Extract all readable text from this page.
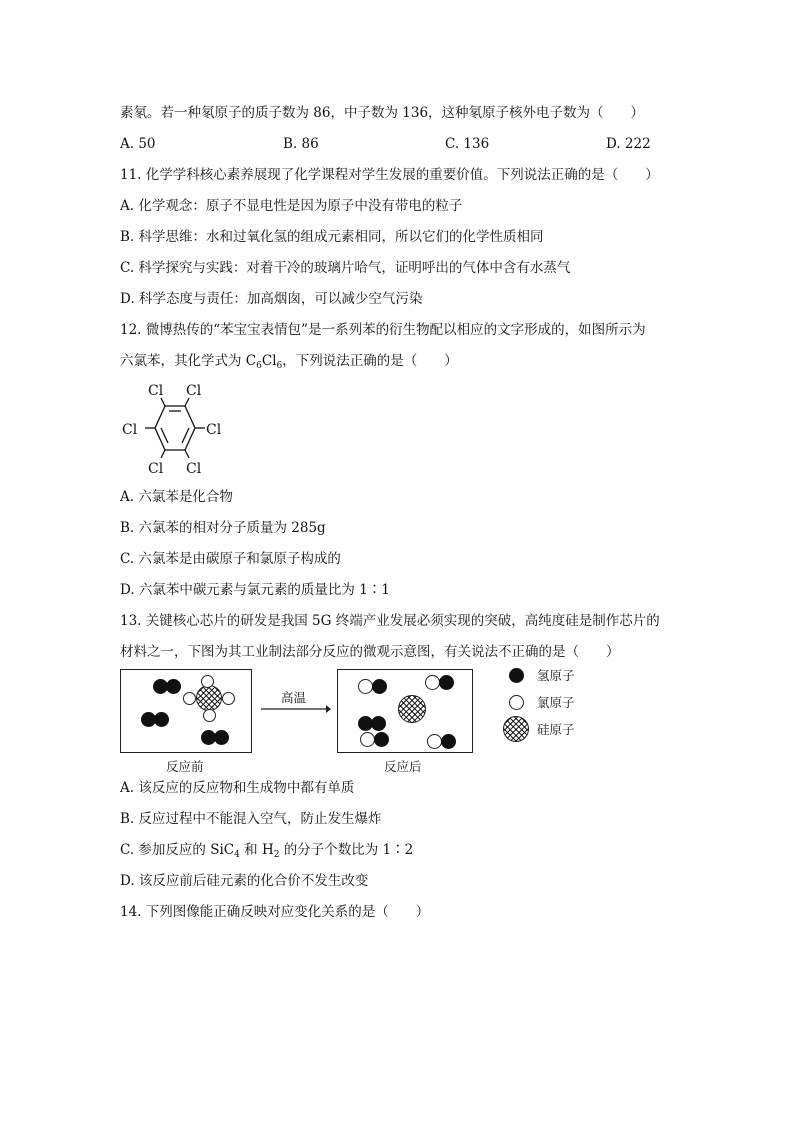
素氡。若一种氡原子的质子数为 86，中子数为 136，这种氡原子核外电子数为（　　）
A. 50	B. 86	C. 136	D. 222
11. 化学学科核心素养展现了化学课程对学生发展的重要价值。下列说法正确的是（　　）
A. 化学观念：原子不显电性是因为原子中没有带电的粒子
B. 科学思维：水和过氧化氢的组成元素相同，所以它们的化学性质相同
C. 科学探究与实践：对着干冷的玻璃片哈气，证明呼出的气体中含有水蒸气
D. 科学态度与责任：加高烟囱，可以减少空气污染
12. 微博热传的“苯宝宝表情包”是一系列苯的衍生物配以相应的文字形成的，如图所示为
六氯苯，其化学式为 $C_6Cl_6$，下列说法正确的是（　　）
Cl Cl
Cl	Cl
Cl Cl
A. 六氯苯是化合物
B. 六氯苯的相对分子质量为 285g
C. 六氯苯是由碳原子和氯原子构成的
D. 六氯苯中碳元素与氯元素的质量比为 1∶1
13. 关键核心芯片的研发是我国 5G 终端产业发展必须实现的突破，高纯度硅是制作芯片的
材料之一，下图为其工业制法部分反应的微观示意图，有关说法不正确的是（　　）
反应前
高温
反应后
氢原子
氯原子
硅原子
A. 该反应的反应物和生成物中都有单质
B. 反应过程中不能混入空气，防止发生爆炸
C. 参加反应的 SiC$_4$ 和 $H_2$ 的分子个数比为 1∶2
D. 该反应前后硅元素的化合价不发生改变
14. 下列图像能正确反映对应变化关系的是（　　）
